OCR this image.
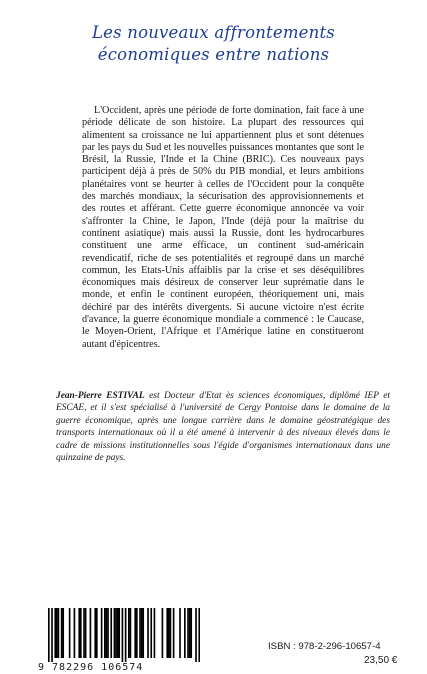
Les nouveaux affrontements
économiques entre nations

L'Occident, après une période de forte domination, fait face à une période délicate de son histoire. La plupart des ressources qui alimentent sa croissance ne lui appartiennent plus et sont détenues par les pays du Sud et les nouvelles puissances montantes que sont le Brésil, la Russie, l'Inde et la Chine (BRIC). Ces nouveaux pays participent déjà à près de 50% du PIB mondial, et leurs ambitions planétaires vont se heurter à celles de l'Occident pour la conquête des marchés mondiaux, la sécurisation des approvisionnements et des routes et afférant. Cette guerre économique annoncée va voir s'affronter la Chine, le Japon, l'Inde (déjà pour la maîtrise du continent asiatique) mais aussi la Russie, dont les hydrocarbures constituent une arme efficace, un continent sud-américain revendicatif, riche de ses potentialités et regroupé dans un marché commun, les Etats-Unis affaiblis par la crise et ses déséquilibres économiques mais désireux de conserver leur suprématie dans le monde, et enfin le continent européen, théoriquement uni, mais déchiré par des intérêts divergents. Si aucune victoire n'est écrite d'avance, la guerre économique mondiale a commencé : le Caucase, le Moyen-Orient, l'Afrique et l'Amérique latine en constitueront autant d'épicentres.

Jean-Pierre ESTIVAL est Docteur d'Etat ès sciences économiques, diplômé IEP et ESCAE, et il s'est spécialisé à l'université de Cergy Pontoise dans le domaine de la guerre économique, après une longue carrière dans le domaine géostratégique des transports internationaux où il a été amené à intervenir à des niveaux élevés dans le cadre de missions institutionnelles sous l'égide d'organismes internationaux dans une quinzaine de pays.

9 782296 106574
ISBN : 978-2-296-10657-4
23,50 €
